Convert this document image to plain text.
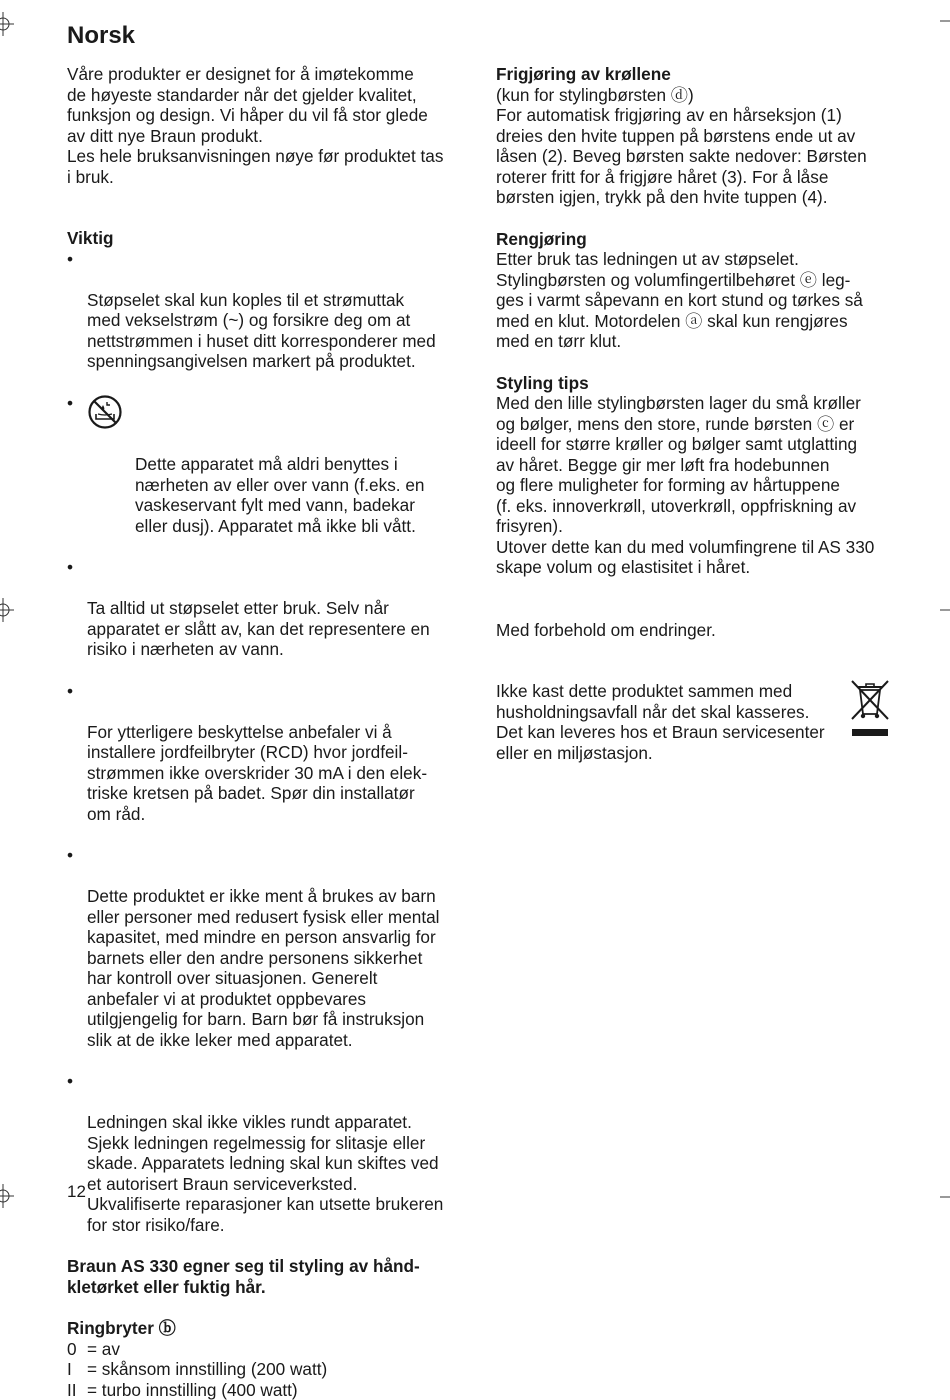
Norsk

Våre produkter er designet for å imøtekomme
de høyeste standarder når det gjelder kvalitet,
funksjon og design. Vi håper du vil få stor glede
av ditt nye Braun produkt.
Les hele bruksanvisningen nøye før produktet tas
i bruk.

Viktig

•

Støpselet skal kun koples til et strømuttak
med vekselstrøm (~) og forsikre deg om at
nettstrømmen i huset ditt korresponderer med
spenningsangivelsen markert på produktet.

•

Dette apparatet må aldri benyttes i
nærheten av eller over vann (f.eks. en
vaskeservant fylt med vann, badekar
eller dusj). Apparatet må ikke bli vått.

•

Ta alltid ut støpselet etter bruk. Selv når
apparatet er slått av, kan det representere en
risiko i nærheten av vann.

•

For ytterligere beskyttelse anbefaler vi å
installere jordfeilbryter (RCD) hvor jordfeil-
strømmen ikke overskrider 30 mA i den elek-
triske kretsen på badet. Spør din installatør
om råd.

•

Dette produktet er ikke ment å brukes av barn
eller personer med redusert fysisk eller mental
kapasitet, med mindre en person ansvarlig for
barnets eller den andre personens sikkerhet
har kontroll over situasjonen. Generelt
anbefaler vi at produktet oppbevares
utilgjengelig for barn. Barn bør få instruksjon
slik at de ikke leker med apparatet.

•

Ledningen skal ikke vikles rundt apparatet.
Sjekk ledningen regelmessig for slitasje eller
skade. Apparatets ledning skal kun skiftes ved
et autorisert Braun serviceverksted.
Ukvalifiserte reparasjoner kan utsette brukeren
for stor risiko/fare.

Braun AS 330 egner seg til styling av hånd-
kletørket eller fuktig hår.

Ringbryter ⓑ

0 = av
I = skånsom innstilling (200 watt)
II = turbo innstilling (400 watt)

Frigjøring av krøllene

(kun for stylingbørsten ⓓ)
For automatisk frigjøring av en hårseksjon (1)
dreies den hvite tuppen på børstens ende ut av
låsen (2). Beveg børsten sakte nedover: Børsten
roterer fritt for å frigjøre håret (3). For å låse
børsten igjen, trykk på den hvite tuppen (4).

Rengjøring

Etter bruk tas ledningen ut av støpselet.
Stylingbørsten og volumfingertilbehøret ⓔ leg-
ges i varmt såpevann en kort stund og tørkes så
med en klut. Motordelen ⓐ skal kun rengjøres
med en tørr klut.

Styling tips

Med den lille stylingbørsten lager du små krøller
og bølger, mens den store, runde børsten ⓒ er
ideell for større krøller og bølger samt utglatting
av håret. Begge gir mer løft fra hodebunnen
og flere muligheter for forming av hårtuppene
(f. eks. innoverkrøll, utoverkrøll, oppfriskning av
frisyren).
Utover dette kan du med volumfingrene til AS 330
skape volum og elastisitet i håret.

Med forbehold om endringer.

Ikke kast dette produktet sammen med
husholdningsavfall når det skal kasseres.
Det kan leveres hos et Braun servicesenter
eller en miljøstasjon.

12
